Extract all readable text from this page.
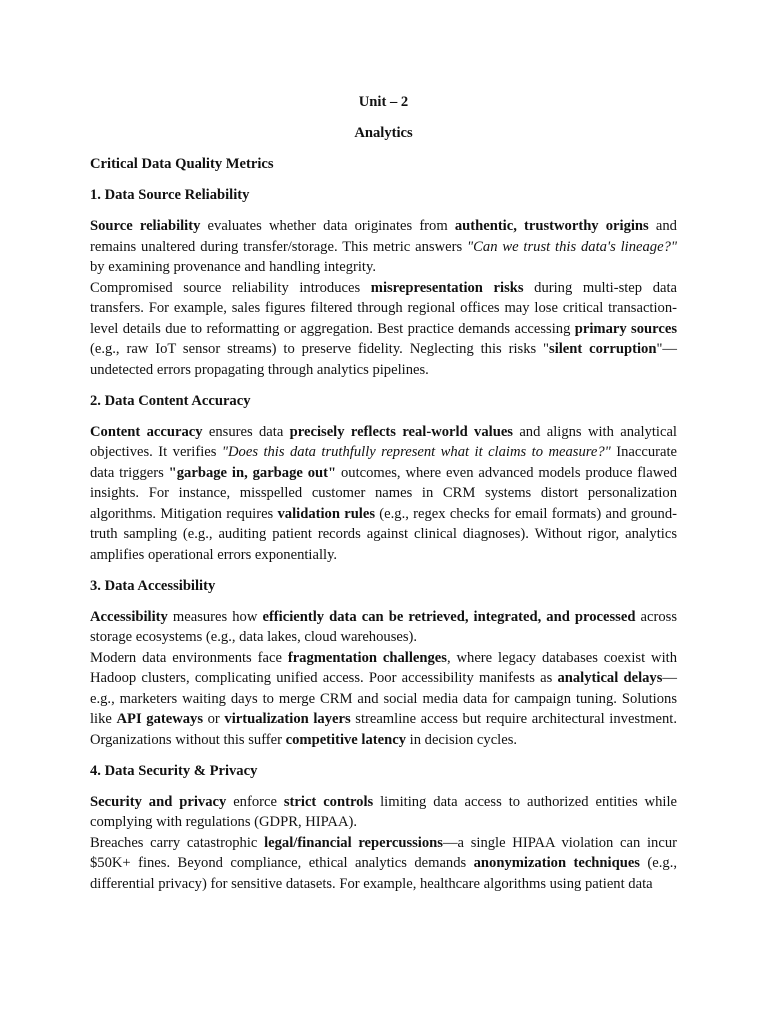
Unit – 2
Analytics
Critical Data Quality Metrics
1. Data Source Reliability

Source reliability evaluates whether data originates from authentic, trustworthy origins and remains unaltered during transfer/storage. This metric answers "Can we trust this data's lineage?" by examining provenance and handling integrity.

Compromised source reliability introduces misrepresentation risks during multi-step data transfers. For example, sales figures filtered through regional offices may lose critical transaction-level details due to reformatting or aggregation. Best practice demands accessing primary sources (e.g., raw IoT sensor streams) to preserve fidelity. Neglecting this risks "silent corruption"—undetected errors propagating through analytics pipelines.

2. Data Content Accuracy

Content accuracy ensures data precisely reflects real-world values and aligns with analytical objectives. It verifies "Does this data truthfully represent what it claims to measure?" Inaccurate data triggers "garbage in, garbage out" outcomes, where even advanced models produce flawed insights. For instance, misspelled customer names in CRM systems distort personalization algorithms. Mitigation requires validation rules (e.g., regex checks for email formats) and ground-truth sampling (e.g., auditing patient records against clinical diagnoses). Without rigor, analytics amplifies operational errors exponentially.

3. Data Accessibility

Accessibility measures how efficiently data can be retrieved, integrated, and processed across storage ecosystems (e.g., data lakes, cloud warehouses).

Modern data environments face fragmentation challenges, where legacy databases coexist with Hadoop clusters, complicating unified access. Poor accessibility manifests as analytical delays—e.g., marketers waiting days to merge CRM and social media data for campaign tuning. Solutions like API gateways or virtualization layers streamline access but require architectural investment. Organizations without this suffer competitive latency in decision cycles.

4. Data Security & Privacy

Security and privacy enforce strict controls limiting data access to authorized entities while complying with regulations (GDPR, HIPAA).

Breaches carry catastrophic legal/financial repercussions—a single HIPAA violation can incur $50K+ fines. Beyond compliance, ethical analytics demands anonymization techniques (e.g., differential privacy) for sensitive datasets. For example, healthcare algorithms using patient data
